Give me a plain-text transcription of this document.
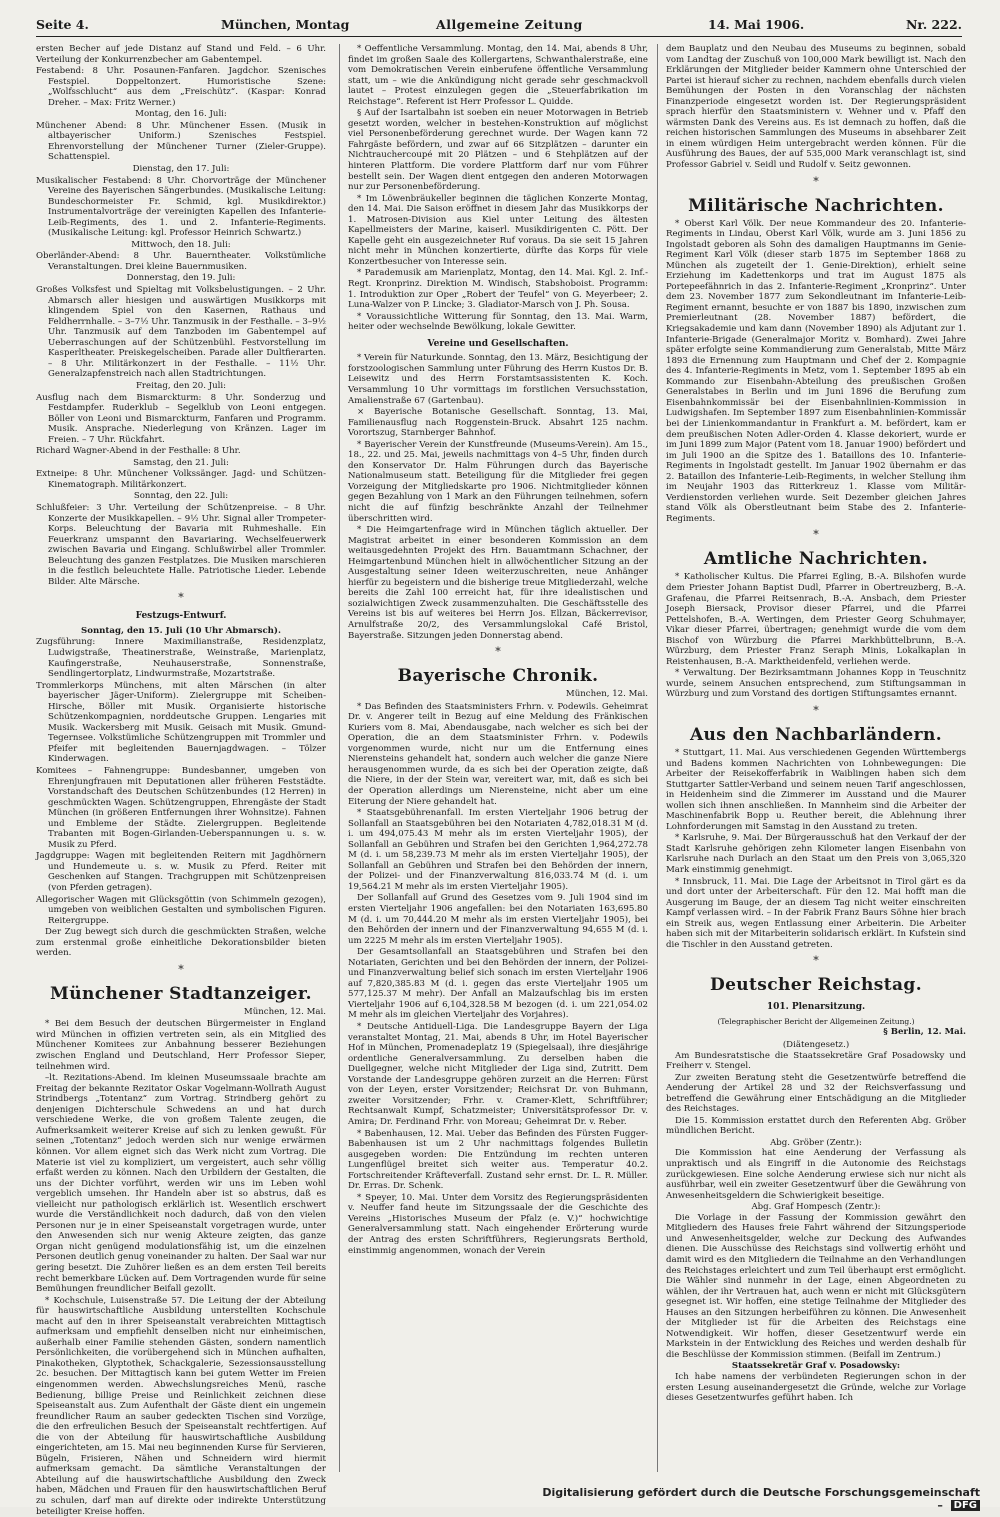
Seite 4.	München, Montag	Allgemeine Zeitung	14. Mai 1906.	Nr. 222.

ersten Becher auf jede Distanz auf Stand und Feld. – 6 Uhr. Verteilung der Konkurrenzbecher am Gabentempel.

Festabend: 8 Uhr. Posaunen-Fanfaren. Jagdchor. Szenisches Festspiel. Doppeltonzert. Humoristische Szene: „Wolfsschlucht“ aus dem „Freischütz“. (Kaspar: Konrad Dreher. – Max: Fritz Werner.)

Montag, den 16. Juli:

Münchener Abend: 8 Uhr. Münchener Essen. (Musik in altbayerischer Uniform.) Szenisches Festspiel. Ehrenvorstellung der Münchener Turner (Zieler-Gruppe). Schattenspiel.

Dienstag, den 17. Juli:

Musikalischer Festabend: 8 Uhr. Chorvorträge der Münchener Vereine des Bayerischen Sängerbundes. (Musikalische Leitung: Bundeschormeister Fr. Schmid, kgl. Musikdirektor.) Instrumentalvorträge der vereinigten Kapellen des Infanterie-Leib-Regiments, des 1. und 2. Infanterie-Regiments. (Musikalische Leitung: kgl. Professor Heinrich Schwartz.)

Mittwoch, den 18. Juli:

Oberländer-Abend: 8 Uhr. Bauerntheater. Volkstümliche Veranstaltungen. Drei kleine Bauernmusiken.

Donnerstag, den 19. Juli:

Großes Volksfest und Spieltag mit Volksbelustigungen. – 2 Uhr. Abmarsch aller hiesigen und auswärtigen Musikkorps mit klingendem Spiel von den Kasernen, Rathaus und Feldherrnhalle. – 3–7½ Uhr. Tanzmusik in der Festhalle. – 3–9½ Uhr. Tanzmusik auf dem Tanzboden im Gabentempel auf Ueberraschungen auf der Schützenbühl. Festvorstellung im Kasperltheater. Preiskegelscheiben. Parade aller Dultfierarten. – 8 Uhr. Militärkonzert in der Festhalle. – 11½ Uhr. Generalzapfenstreich nach allen Stadtrichtungen.

Freitag, den 20. Juli:

Ausflug nach dem Bismarckturm: 8 Uhr. Sonderzug und Festdampfer. Ruderklub – Segelklub von Leoni entgegen. Böller von Leoni und Bismarckturm, Fanfaren und Programm. Musik. Ansprache. Niederlegung von Kränzen. Lager im Freien. – 7 Uhr. Rückfahrt.

Richard Wagner-Abend in der Festhalle: 8 Uhr.

Samstag, den 21. Juli:

Extneipe: 8 Uhr. Münchener Volkssänger. Jagd- und Schützen-Kinematograph. Militärkonzert.

Sonntag, den 22. Juli:

Schlußfeier: 3 Uhr. Verteilung der Schützenpreise. – 8 Uhr. Konzerte der Musikkapellen. – 9½ Uhr. Signal aller Trompeter-Korps. Beleuchtung der Bavaria mit Ruhmeshalle. Ein Feuerkranz umspannt den Bavariaring. Wechselfeuerwerk zwischen Bavaria und Eingang. Schlußwirbel aller Trommler. Beleuchtung des ganzen Festplatzes. Die Musiken marschieren in die festlich beleuchtete Halle. Patriotische Lieder. Lebende Bilder. Alte Märsche.

*
Festzugs-Entwurf.
Sonntag, den 15. Juli (10 Uhr Abmarsch).

Zugsführung: Innere Maximilianstraße, Residenzplatz, Ludwigstraße, Theatinerstraße, Weinstraße, Marienplatz, Kaufingerstraße, Neuhauserstraße, Sonnenstraße, Sendlingertorplatz, Lindwurmstraße, Mozartstraße.

Trommlerkorps Münchens, mit alten Märschen (in alter bayerischer Jäger-Uniform). Zielergruppe mit Scheiben-Hirsche, Böller mit Musik. Organisierte historische Schützenkompagnien, norddeutsche Gruppen. Lengaries mit Musik. Wackersberg mit Musik. Geisach mit Musik. Gmund-Tegernsee. Volkstümliche Schützengruppen mit Trommler und Pfeifer mit begleitenden Bauernjagdwagen. – Tölzer Kinderwagen.

Komitees – Fahnengruppe: Bundesbanner, umgeben von Ehrenjungfrauen mit Deputationen aller früheren Feststädte. Vorstandschaft des Deutschen Schützenbundes (12 Herren) in geschmückten Wagen. Schützengruppen, Ehrengäste der Stadt München (in größeren Entfernungen ihrer Wohnsitze). Fahnen und Embleme der Städte. Zielergruppen. Begleitende Trabanten mit Bogen-Girlanden-Ueberspannungen u. s. w. Musik zu Pferd.

Jagdgruppe: Wagen mit begleitenden Reitern mit Jagdhörnern und Hundemeute u. s. w. Musik zu Pferd. Reiter mit Geschenken auf Stangen. Trachgruppen mit Schützenpreisen (von Pferden getragen).

Allegorischer Wagen mit Glücksgöttin (von Schimmeln gezogen), umgeben von weiblichen Gestalten und symbolischen Figuren. Reitergruppe.

Der Zug bewegt sich durch die geschmückten Straßen, welche zum erstenmal große einheitliche Dekorationsbilder bieten werden.

*
Münchener Stadtanzeiger.
München, 12. Mai.

* Bei dem Besuch der deutschen Bürgermeister in England wird München in offizien vertreten sein, als ein Mitglied des Münchener Komitees zur Anbahnung besserer Beziehungen zwischen England und Deutschland, Herr Professor Sieper, teilnehmen wird.

–lt. Rezitations-Abend. Im kleinen Museumssaale brachte am Freitag der bekannte Rezitator Oskar Vogelmann-Wollrath August Strindbergs „Totentanz“ zum Vortrag. Strindberg gehört zu denjenigen Dichterschule Schwedens an und hat durch verschiedene Werke, die von großem Talente zeugen, die Aufmerksamkeit weiterer Kreise auf sich zu lenken gewußt. Für seinen „Totentanz“ jedoch werden sich nur wenige erwärmen können. Vor allem eignet sich das Werk nicht zum Vortrag. Die Materie ist viel zu kompliziert, um vergeistert, auch sehr völlig erfaßt werden zu können. Nach den Urbildern der Gestalten, die uns der Dichter vorführt, werden wir uns im Leben wohl vergeblich umsehen. Ihr Handeln aber ist so abstrus, daß es vielleicht nur pathologisch erklärlich ist. Wesentlich erschwert wurde die Verständlichkeit noch dadurch, daß von den vielen Personen nur je in einer Speiseanstalt vorgetragen wurde, unter den Anwesenden sich nur wenig Akteure zeigten, das ganze Organ nicht genügend modulationsfähig ist, um die einzelnen Personen deutlich genug voneinander zu halten. Der Saal war nur gering besetzt. Die Zuhörer ließen es an dem ersten Teil bereits recht bemerkbare Lücken auf. Dem Vortragenden wurde für seine Bemühungen freundlicher Beifall gezollt.

* Kochschule, Luisenstraße 57. Die Leitung der der Abteilung für hauswirtschaftliche Ausbildung unterstellten Kochschule macht auf den in ihrer Speiseanstalt verabreichten Mittagtisch aufmerksam und empfiehlt denselben nicht nur einheimischen, außerhalb einer Familie stehenden Gästen, sondern namentlich Persönlichkeiten, die vorübergehend sich in München aufhalten, Pinakotheken, Glyptothek, Schackgalerie, Sezessionsausstellung 2c. besuchen. Der Mittagtisch kann bei gutem Wetter im Freien eingenommen werden. Abwechslungsreiches Menü, rasche Bedienung, billige Preise und Reinlichkeit zeichnen diese Speiseanstalt aus. Zum Aufenthalt der Gäste dient ein ungemein freundlicher Raum an sauber gedeckten Tischen sind Vorzüge, die den erfreulichen Besuch der Speiseanstalt rechtfertigen. Auf die von der Abteilung für hauswirtschaftliche Ausbildung eingerichteten, am 15. Mai neu beginnenden Kurse für Servieren, Bügeln, Frisieren, Nähen und Schneidern wird hiermit aufmerksam gemacht. Da sämtliche Veranstaltungen der Abteilung auf die hauswirtschaftliche Ausbildung den Zweck haben, Mädchen und Frauen für den hauswirtschaftlichen Beruf zu schulen, darf man auf direkte oder indirekte Unterstützung beteiligter Kreise hoffen.

* Oeffentliche Versammlung. Montag, den 14. Mai, abends 8 Uhr, findet im großen Saale des Kollergartens, Schwanthalerstraße, eine vom Demokratischen Verein einberufene öffentliche Versammlung statt, um – wie die Ankündigung nicht gerade sehr geschmackvoll lautet – Protest einzulegen gegen die „Steuerfabrikation im Reichstage“. Referent ist Herr Professor L. Quidde.

§ Auf der Isartalbahn ist soeben ein neuer Motorwagen in Betrieb gesetzt worden, welcher in bestehen-Konstruktion auf möglichst viel Personenbeförderung gerechnet wurde. Der Wagen kann 72 Fahrgäste befördern, und zwar auf 66 Sitzplätzen – darunter ein Nichtrauchercoupé mit 20 Plätzen – und 6 Stehplätzen auf der hinteren Plattform. Die vordere Plattform darf nur vom Führer bestellt sein. Der Wagen dient entgegen den anderen Motorwagen nur zur Personenbeförderung.

* Im Löwenbräukeller beginnen die täglichen Konzerte Montag, den 14. Mai. Die Saison eröffnet in diesem Jahr das Musikkorps der 1. Matrosen-Division aus Kiel unter Leitung des ältesten Kapellmeisters der Marine, kaiserl. Musikdirigenten C. Pött. Der Kapelle geht ein ausgezeichneter Ruf voraus. Da sie seit 15 Jahren nicht mehr in München konzertierte, dürfte das Korps für viele Konzertbesucher von Interesse sein.

* Parademusik am Marienplatz, Montag, den 14. Mai. Kgl. 2. Inf.-Regt. Kronprinz. Direktion M. Windisch, Stabshoboist. Programm: 1. Introduktion zur Oper „Robert der Teufel“ von G. Meyerbeer; 2. Luna-Walzer von P. Lincke; 3. Gladiator-Marsch von J. Ph. Sousa.

* Voraussichtliche Witterung für Sonntag, den 13. Mai. Warm, heiter oder wechselnde Bewölkung, lokale Gewitter.

Vereine und Gesellschaften.

* Verein für Naturkunde. Sonntag, den 13. März, Besichtigung der forstzoologischen Sammlung unter Führung des Herrn Kustos Dr. B. Leisewitz und des Herrn Forstamtsassistenten K. Koch. Versammlung 10 Uhr vormittags im forstlichen Versuchsstation, Amalienstraße 67 (Gartenbau).

× Bayerische Botanische Gesellschaft. Sonntag, 13. Mai, Familienausflug nach Roggenstein-Bruck. Absahrt 125 nachm. Vorortszug, Starnberger Bahnhof.

* Bayerischer Verein der Kunstfreunde (Museums-Verein). Am 15., 18., 22. und 25. Mai, jeweils nachmittags von 4–5 Uhr, finden durch den Konservator Dr. Halm Führungen durch das Bayerische Nationalmuseum statt. Beteiligung für die Mitglieder frei gegen Vorzeigung der Mitgliedskarte pro 1906. Nichtmitglieder können gegen Bezahlung von 1 Mark an den Führungen teilnehmen, sofern nicht die auf fünfzig beschränkte Anzahl der Teilnehmer überschritten wird.

* Die Heimgartenfrage wird in München täglich aktueller. Der Magistrat arbeitet in einer besonderen Kommission an dem weitausgedehnten Projekt des Hrn. Bauamtmann Schachner, der Heimgartenbund München hielt in allwöchentlicher Sitzung an der Ausgestaltung seiner Ideen weiterzuschreiten, neue Anhänger hierfür zu begeistern und die bisherige treue Mitgliederzahl, welche bereits die Zahl 100 erreicht hat, für ihre idealistischen und sozialwichtigen Zweck zusammenzuhalten. Die Geschäftsstelle des Vereins ist bis auf weiteres bei Herrn Jos. Ellzan, Bäckerrevisor, Arnulfstraße 20/2, des Versammlungslokal Café Bristol, Bayerstraße. Sitzungen jeden Donnerstag abend.

*
Bayerische Chronik.
München, 12. Mai.

* Das Befinden des Staatsministers Frhrn. v. Podewils. Geheimrat Dr. v. Angerer teilt in Bezug auf eine Meldung des Fränkischen Kuriers vom 8. Mai, Abendausgabe, nach welcher es sich bei der Operation, die an dem Staatsminister Frhrn. v. Podewils vorgenommen wurde, nicht nur um die Entfernung eines Nierensteins gehandelt hat, sondern auch welcher die ganze Niere herausgenommen wurde, da es sich bei der Operation zeigte, daß die Niere, in der der Stein war, vereitert war, mit, daß es sich bei der Operation allerdings um Nierensteine, nicht aber um eine Eiterung der Niere gehandelt hat.

* Staatsgebührenanfall. Im ersten Vierteljahr 1906 betrug der Sollanfall an Staatsgebühren bei den Notariaten 4,782,018.31 M (d. i. um 494,075.43 M mehr als im ersten Vierteljahr 1905), der Sollanfall an Gebühren und Strafen bei den Gerichten 1,964,272.78 M (d. i. um 58,239.73 M mehr als im ersten Vierteljahr 1905), der Sollanfall an Gebühren und Strafen bei den Behörden der innern, der Polizei- und der Finanzverwaltung 816,033.74 M (d. i. um 19,564.21 M mehr als im ersten Vierteljahr 1905).

Der Sollanfall auf Grund des Gesetzes vom 9. Juli 1904 sind im ersten Vierteljahr 1906 angefallen: bei den Notariaten 163,695.80 M (d. i. um 70,444.20 M mehr als im ersten Vierteljahr 1905), bei den Behörden der innern und der Finanzverwaltung 94,655 M (d. i. um 2225 M mehr als im ersten Vierteljahr 1905).

Der Gesamtsollanfall an Staatsgebühren und Strafen bei den Notariaten, Gerichten und bei den Behörden der innern, der Polizei- und Finanzverwaltung belief sich sonach im ersten Vierteljahr 1906 auf 7,820,385.83 M (d. i. gegen das erste Vierteljahr 1905 um 577,125.37 M mehr). Der Anfall an Malzaufschlag bis im ersten Vierteljahr 1906 auf 6,104,328.58 M bezogen (d. i. um 221,054.02 M mehr als im gleichen Vierteljahr des Vorjahres).

* Deutsche Antiduell-Liga. Die Landesgruppe Bayern der Liga veranstaltet Montag, 21. Mai, abends 8 Uhr, im Hotel Bayerischer Hof in München, Promenadeplatz 19 (Spiegelsaal), ihre diesjährige ordentliche Generalversammlung. Zu derselben haben die Duellgegner, welche nicht Mitglieder der Liga sind, Zutritt. Dem Vorstande der Landesgruppe gehören zurzeit an die Herren: Fürst von der Leyen, erster Vorsitzender; Reichsrat Dr. von Buhmann, zweiter Vorsitzender; Frhr. v. Cramer-Klett, Schriftführer; Rechtsanwalt Kumpf, Schatzmeister; Universitätsprofessor Dr. v. Amira; Dr. Ferdinand Frhr. von Moreau; Geheimrat Dr. v. Reber.

* Babenhausen, 12. Mai. Ueber das Befinden des Fürsten Fugger-Babenhausen ist um 2 Uhr nachmittags folgendes Bulletin ausgegeben worden: Die Entzündung im rechten unteren Lungenflügel breitet sich weiter aus. Temperatur 40.2. Fortschreitender Kräfteverfall. Zustand sehr ernst. Dr. L. R. Müller. Dr. Erras. Dr. Schenk.

* Speyer, 10. Mai. Unter dem Vorsitz des Regierungspräsidenten v. Neuffer fand heute im Sitzungssaale der die Geschichte des Vereins „Historisches Museum der Pfalz (e. V.)“ hochwichtige Generalversammlung statt. Nach eingehender Erörterung wurde der Antrag des ersten Schriftführers, Regierungsrats Berthold, einstimmig angenommen, wonach der Verein

dem Bauplatz und den Neubau des Museums zu beginnen, sobald vom Landtag der Zuschuß von 100,000 Mark bewilligt ist. Nach den Erklärungen der Mitglieder beider Kammern ohne Unterschied der Partei ist hierauf sicher zu rechnen, nachdem ebenfalls durch vielen Bemühungen der Posten in den Voranschlag der nächsten Finanzperiode eingesetzt worden ist. Der Regierungspräsident sprach hierfür den Staatsministern v. Wehner und v. Pfaff den wärmsten Dank des Vereins aus. Es ist demnach zu hoffen, daß die reichen historischen Sammlungen des Museums in absehbarer Zeit in einem würdigen Heim untergebracht werden können. Für die Ausführung des Baues, der auf 535,000 Mark veranschlagt ist, sind Professor Gabriel v. Seidl und Rudolf v. Seitz gewonnen.

*
Militärische Nachrichten.

* Oberst Karl Völk. Der neue Kommandeur des 20. Infanterie-Regiments in Lindau, Oberst Karl Völk, wurde am 3. Juni 1856 zu Ingolstadt geboren als Sohn des damaligen Hauptmanns im Genie-Regiment Karl Völk (dieser starb 1875 im September 1868 zu München als zugeteilt der 1. Genie-Direktion), erhielt seine Erziehung im Kadettenkorps und trat im August 1875 als Portepeefähnrich in das 2. Infanterie-Regiment „Kronprinz“. Unter dem 23. November 1877 zum Sekondleutnant im Infanterie-Leib-Regiment ernannt, besuchte er von 1887 bis 1890, inzwischen zum Premierleutnant (28. November 1887) befördert, die Kriegsakademie und kam dann (November 1890) als Adjutant zur 1. Infanterie-Brigade (Generalmajor Moritz v. Bomhard). Zwei Jahre später erfolgte seine Kommandierung zum Generalstab, Mitte März 1893 die Ernennung zum Hauptmann und Chef der 2. Kompagnie des 4. Infanterie-Regiments in Metz, vom 1. September 1895 ab ein Kommando zur Eisenbahn-Abteilung des preußischen Großen Generalstabes in Berlin und im Juni 1896 die Berufung zum Eisenbahnkommissär bei der Eisenbahnlinien-Kommission in Ludwigshafen. Im September 1897 zum Eisenbahnlinien-Kommissär bei der Linienkommandantur in Frankfurt a. M. befördert, kam er dem preußischen Noten Adler-Orden 4. Klasse dekoriert, wurde er im Juni 1899 zum Major (Patent vom 18. Januar 1900) befördert und im Juli 1900 an die Spitze des 1. Bataillons des 10. Infanterie-Regiments in Ingolstadt gestellt. Im Januar 1902 übernahm er das 2. Bataillon des Infanterie-Leib-Regiments, in welcher Stellung ihm im Neujahr 1903 das Ritterkreuz 1. Klasse vom Militär-Verdienstorden verliehen wurde. Seit Dezember gleichen Jahres stand Völk als Oberstleutnant beim Stabe des 2. Infanterie-Regiments.

*
Amtliche Nachrichten.

* Katholischer Kultus. Die Pfarrei Egling, B.-A. Bilshofen wurde dem Priester Johann Baptist Dudl, Pfarrer in Obertreuzberg, B.-A. Grafenau, die Pfarrei Reitsenrach, B.-A. Ansbach, dem Priester Joseph Biersack, Provisor dieser Pfarrei, und die Pfarrei Pettelshofen, B.-A. Wertingen, dem Priester Georg Schuhmayer, Vikar dieser Pfarrei, übertragen; genehmigt wurde die vom dem Bischof von Würzburg die Pfarrei Markhbüttelbrunn, B.-A. Würzburg, dem Priester Franz Seraph Minis, Lokalkaplan in Reistenhausen, B.-A. Marktheidenfeld, verliehen werde.

* Verwaltung. Der Bezirksamtmann Johannes Kopp in Teuschnitz wurde, seinem Ansuchen entsprechend, zum Stiftungsamman in Würzburg und zum Vorstand des dortigen Stiftungsamtes ernannt.

*
Aus den Nachbarländern.

* Stuttgart, 11. Mai. Aus verschiedenen Gegenden Württembergs und Badens kommen Nachrichten von Lohnbewegungen: Die Arbeiter der Reisekofferfabrik in Waiblingen haben sich dem Stuttgarter Sattler-Verband und seinem neuen Tarif angeschlossen, in Heidenheim sind die Zimmerer im Ausstand und die Maurer wollen sich ihnen anschließen. In Mannheim sind die Arbeiter der Maschinenfabrik Bopp u. Reuther bereit, die Ablehnung ihrer Lohnforderungen mit Samstag in den Ausstand zu treten.

* Karlsruhe, 9. Mai. Der Bürgerausschuß hat den Verkauf der der Stadt Karlsruhe gehörigen zehn Kilometer langen Eisenbahn von Karlsruhe nach Durlach an den Staat um den Preis von 3,065,320 Mark einstimmig genehmigt.

* Innsbruck, 11. Mai. Die Lage der Arbeitsnot in Tirol gärt es da und dort unter der Arbeiterschaft. Für den 12. Mai hofft man die Ausgerung im Bauge, der an diesem Tag nicht weiter einschreiten Kampf verlassen wird. – In der Fabrik Franz Baurs Söhne hier brach ein Streik aus, wegen Entlassung einer Arbeiterin. Die Arbeiter haben sich mit der Mitarbeiterin solidarisch erklärt. In Kufstein sind die Tischler in den Ausstand getreten.

*
Deutscher Reichstag.
101. Plenarsitzung.
(Telegraphischer Bericht der Allgemeinen Zeitung.)
§ Berlin, 12. Mai.
(Diätengesetz.)

Am Bundesratstische die Staatssekretäre Graf Posadowsky und Freiherr v. Stengel.

Zur zweiten Beratung steht die Gesetzentwürfe betreffend die Aenderung der Artikel 28 und 32 der Reichsverfassung und betreffend die Gewährung einer Entschädigung an die Mitglieder des Reichstages.

Die 15. Kommission erstattet durch den Referenten Abg. Gröber mündlichen Bericht.

Abg. Gröber (Zentr.):

Die Kommission hat eine Aenderung der Verfassung als unpraktisch und als Eingriff in die Autonomie des Reichstags zurückgewiesen. Eine solche Aenderung erwiese sich nur nicht als ausführbar, weil ein zweiter Gesetzentwurf über die Gewährung von Anwesenheitsgeldern die Schwierigkeit beseitige.

Abg. Graf Hompesch (Zentr.):

Die Vorlage in der Fassung der Kommission gewährt den Mitgliedern des Hauses freie Fahrt während der Sitzungsperiode und Anwesenheitsgelder, welche zur Deckung des Aufwandes dienen. Die Ausschüsse des Reichstags sind vollwertig erhöht und damit wird es den Mitgliedern die Teilnahme an den Verhandlungen des Reichstages erleichtert und zum Teil überhaupt erst ermöglicht. Die Wähler sind nunmehr in der Lage, einen Abgeordneten zu wählen, der ihr Vertrauen hat, auch wenn er nicht mit Glücksgütern gesegnet ist. Wir hoffen, eine stetige Teilnahme der Mitglieder des Hauses an den Sitzungen herbeiführen zu können. Die Anwesenheit der Mitglieder ist für die Arbeiten des Reichstags eine Notwendigkeit. Wir hoffen, dieser Gesetzentwurf werde ein Markstein in der Entwicklung des Reiches und werden deshalb für die Beschlüsse der Kommission stimmen. (Beifall im Zentrum.)

Staatssekretär Graf v. Posadowsky:

Ich habe namens der verbündeten Regierungen schon in der ersten Lesung auseinandergesetzt die Gründe, welche zur Vorlage dieses Gesetzentwurfes geführt haben. Ich

Digitalisierung gefördert durch die Deutsche Forschungsgemeinschaft – DFG
